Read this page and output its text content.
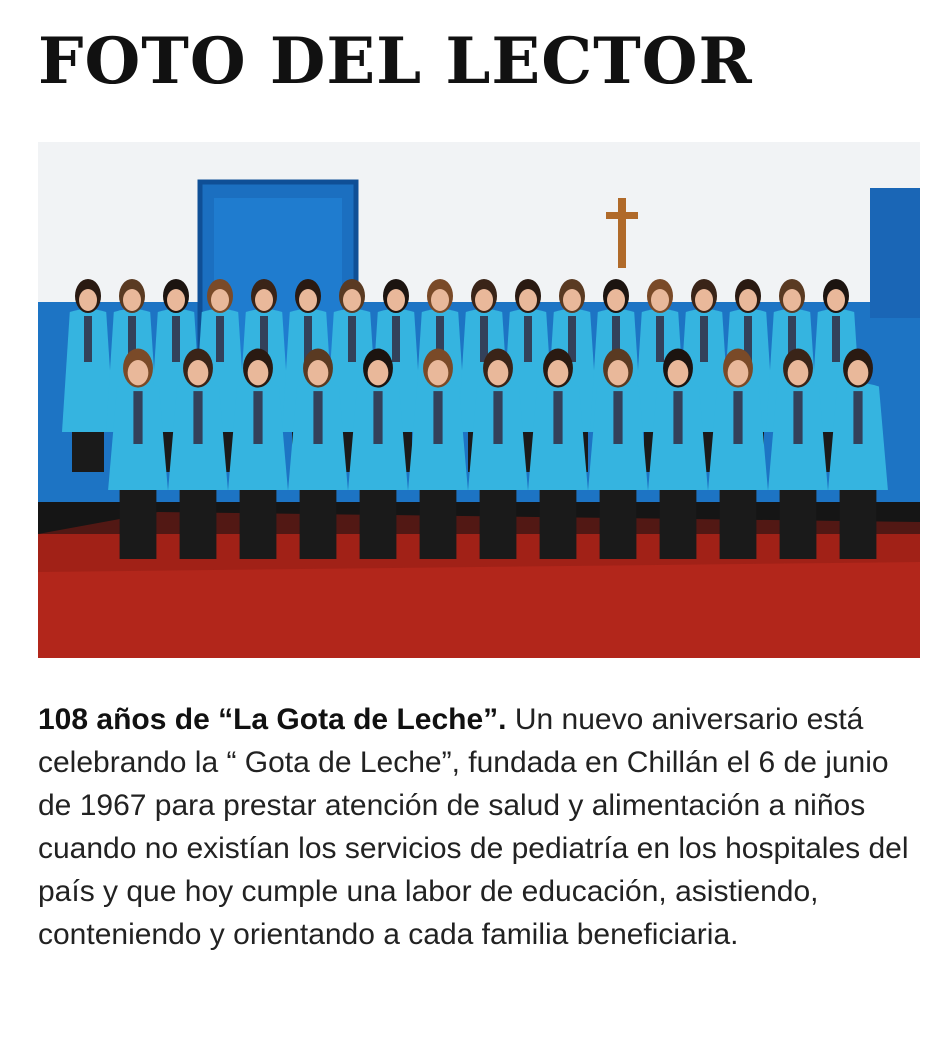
FOTO DEL LECTOR
108 años de “La Gota de Leche”. Un nuevo aniversario está celebrando la “ Gota de Leche”, fundada en Chillán el 6 de junio de 1967 para prestar atención de salud y alimentación a niños cuando no existían los servicios de pediatría en los hospitales del país y que hoy cumple una labor de educación, asistiendo, conteniendo y orientando a cada familia beneficiaria.
